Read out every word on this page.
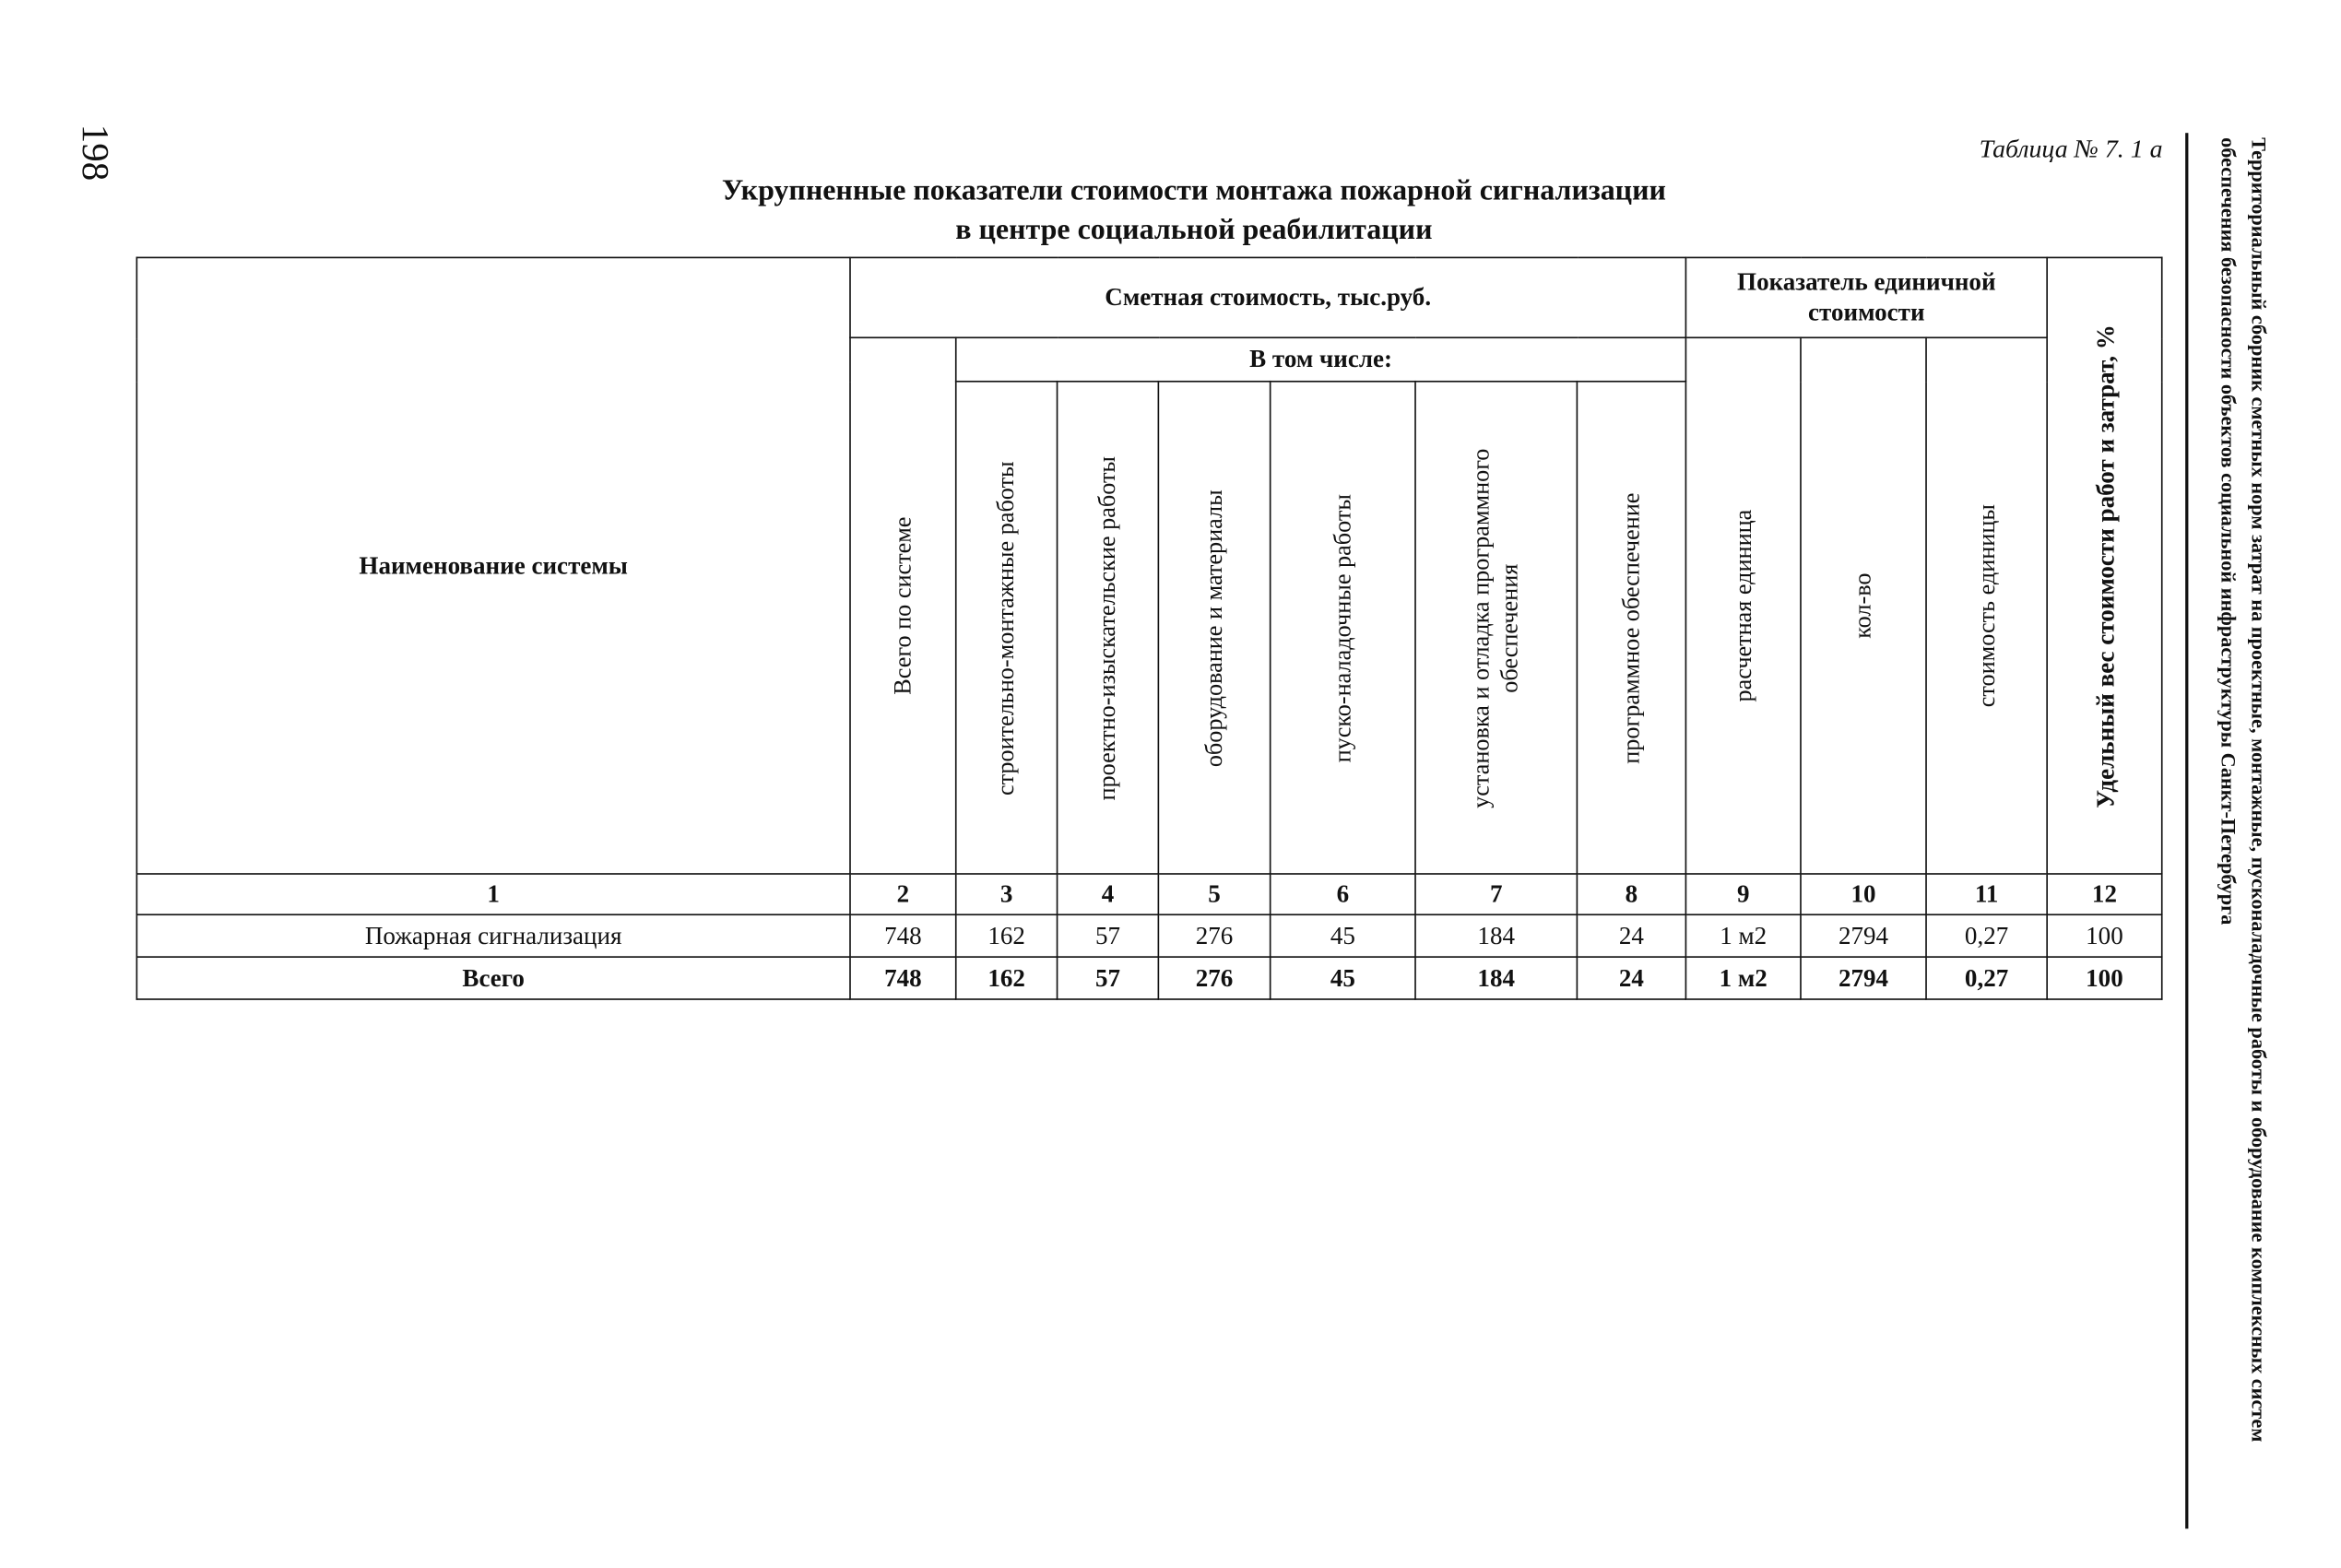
198	Таблица № 7. 1 а
Укрупненные показатели стоимости монтажа пожарной сигнализации
в центре социальной реабилитации	Территориальный сборник сметных норм затрат на проектные, монтажные, пусконаладочные работы и оборудование комплексных систем обеспечения безопасности объектов социальной инфраструктуры Санкт-Петербурга
Наименование системы	Сметная стоимость, тыс.руб.							Показатель единичной стоимости			Удельный вес стоимости работ и затрат, %

	Всего по системе	В том числе:						расчетная единица	кол-во	стоимость единицы	

		строительно-монтажные работы	проектно-изыскательские работы	оборудование и материалы	пуско-наладочные работы	установка и отладка программного обеспечения	программное обеспечение				

1	2	3	4	5	6	7	8	9	10	11	12
Пожарная сигнализация	748	162	57	276	45	184	24	1 м2	2794	0,27	100
Всего	748	162	57	276	45	184	24	1 м2	2794	0,27	100
